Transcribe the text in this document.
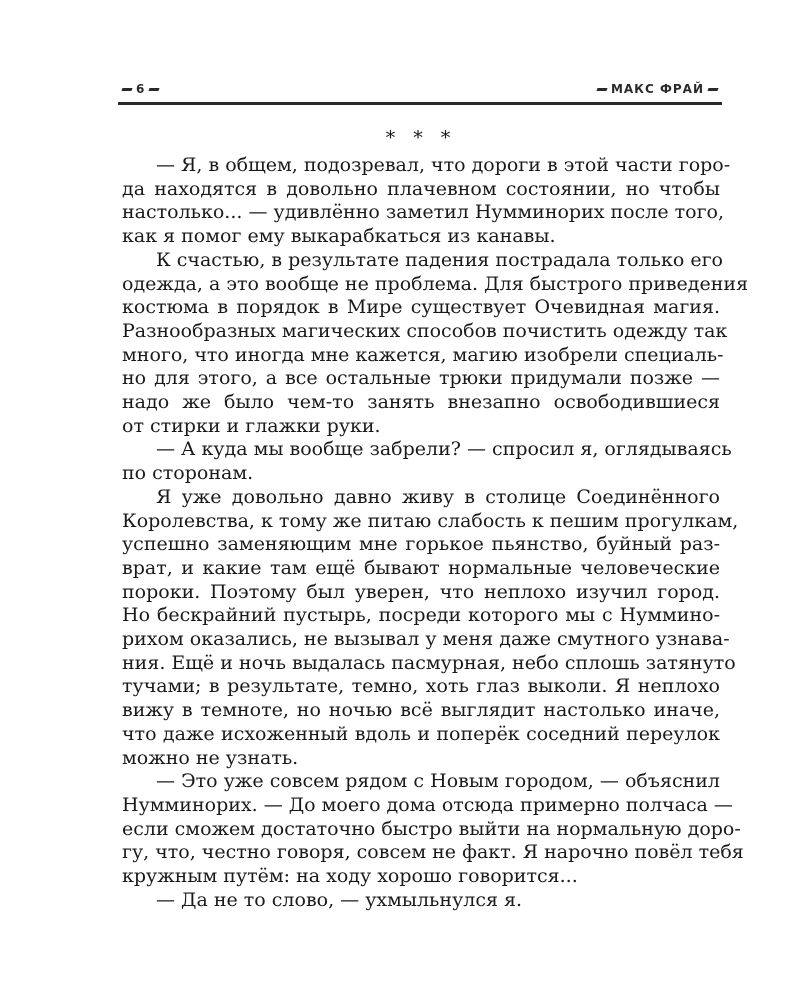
6	МАКС ФРАЙ
* * *
— Я, в общем, подозревал, что дороги в этой части горо-
да находятся в довольно плачевном состоянии, но чтобы
настолько... — удивлённо заметил Нумминорих после того,
как я помог ему выкарабкаться из канавы.
К счастью, в результате падения пострадала только его
одежда, а это вообще не проблема. Для быстрого приведения
костюма в порядок в Мире существует Очевидная магия.
Разнообразных магических способов почистить одежду так
много, что иногда мне кажется, магию изобрели специаль-
но для этого, а все остальные трюки придумали позже —
надо же было чем-то занять внезапно освободившиеся
от стирки и глажки руки.
— А куда мы вообще забрели? — спросил я, оглядываясь
по сторонам.
Я уже довольно давно живу в столице Соединённого
Королевства, к тому же питаю слабость к пешим прогулкам,
успешно заменяющим мне горькое пьянство, буйный раз-
врат, и какие там ещё бывают нормальные человеческие
пороки. Поэтому был уверен, что неплохо изучил город.
Но бескрайний пустырь, посреди которого мы с Нуммино-
рихом оказались, не вызывал у меня даже смутного узнава-
ния. Ещё и ночь выдалась пасмурная, небо сплошь затянуто
тучами; в результате, темно, хоть глаз выколи. Я неплохо
вижу в темноте, но ночью всё выглядит настолько иначе,
что даже исхоженный вдоль и поперёк соседний переулок
можно не узнать.
— Это уже совсем рядом с Новым городом, — объяснил
Нумминорих. — До моего дома отсюда примерно полчаса —
если сможем достаточно быстро выйти на нормальную доро-
гу, что, честно говоря, совсем не факт. Я нарочно повёл тебя
кружным путём: на ходу хорошо говорится...
— Да не то слово, — ухмыльнулся я.
